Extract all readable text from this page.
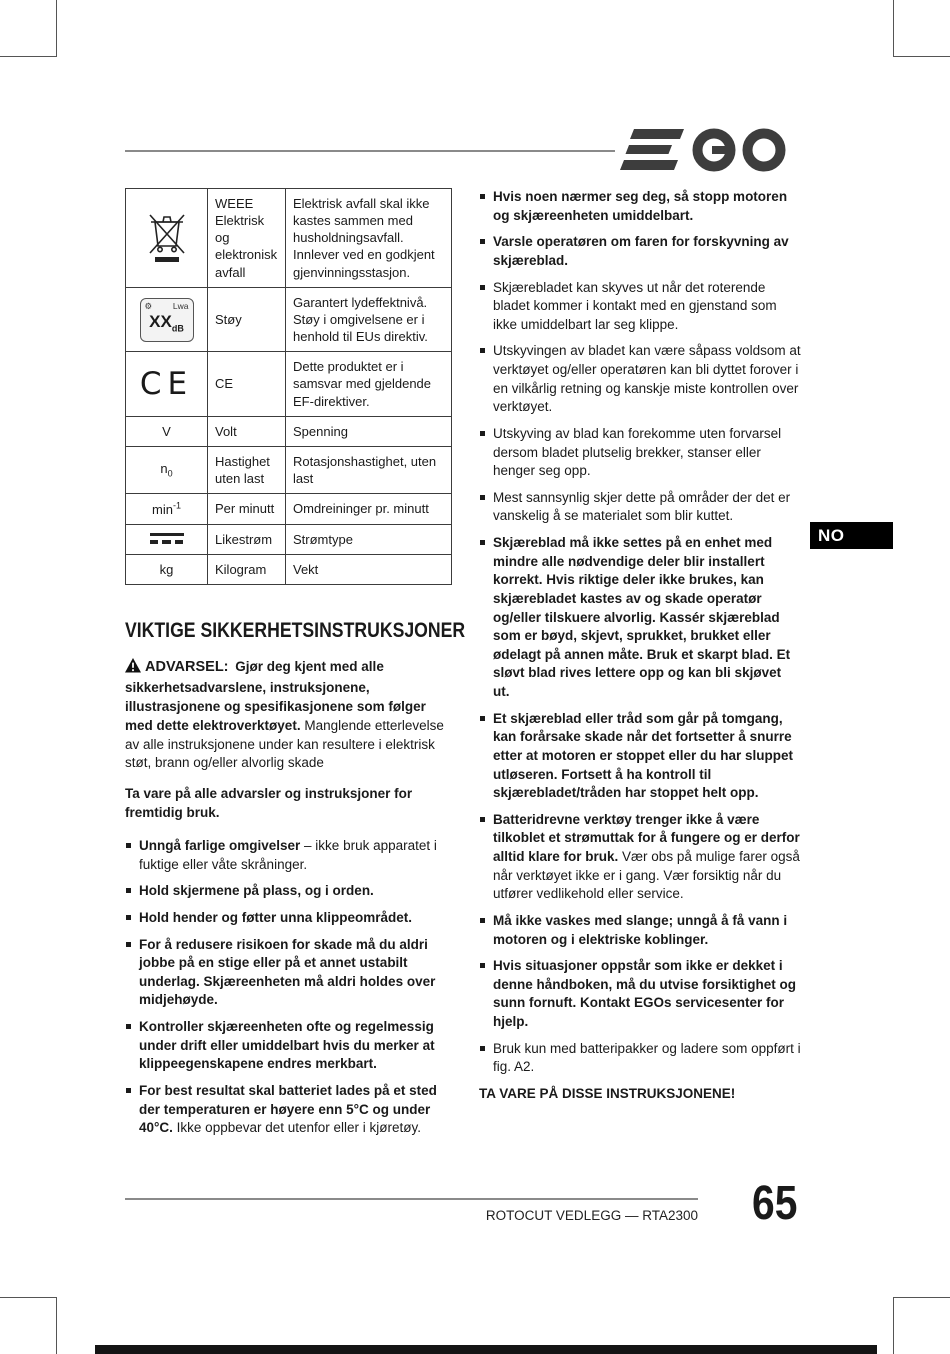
NO
	WEEE Elektrisk og elektronisk avfall	Elektrisk avfall skal ikke kastes sammen med husholdningsavfall. Innlever ved en godkjent gjenvinningsstasjon.

⚙ Lwa
$XX_{dB}$	Støy	Garantert lydeffektnivå. Støy i omgivelsene er i henhold til EUs direktiv.
CE	CE	Dette produktet er i samsvar med gjeldende EF-direktiver.
V	Volt	Spenning
$n_0$	Hastighet uten last	Rotasjonshastighet, uten last
$\min^{-1}$	Per minutt	Omdreininger pr. minutt

	Likestrøm	Strømtype
kg	Kilogram	Vekt
VIKTIGE SIKKERHETSINSTRUKSJONER

ADVARSEL: Gjør deg kjent med alle sikkerhetsadvarslene, instruksjonene, illustrasjonene og spesifikasjonene som følger med dette elektroverktøyet. Manglende etterlevelse av alle instruksjonene under kan resultere i elektrisk støt, brann og/eller alvorlig skade

Ta vare på alle advarsler og instruksjoner for fremtidig bruk.

Unngå farlige omgivelser – ikke bruk apparatet i fuktige eller våte skråninger.
Hold skjermene på plass, og i orden.
Hold hender og føtter unna klippeområdet.
For å redusere risikoen for skade må du aldri jobbe på en stige eller på et annet ustabilt underlag. Skjæreenheten må aldri holdes over midjehøyde.
Kontroller skjæreenheten ofte og regelmessig under drift eller umiddelbart hvis du merker at klippeegenskapene endres merkbart.
For best resultat skal batteriet lades på et sted der temperaturen er høyere enn 5°C og under 40°C. Ikke oppbevar det utenfor eller i kjøretøy.
Hvis noen nærmer seg deg, så stopp motoren og skjæreenheten umiddelbart.
Varsle operatøren om faren for forskyvning av skjæreblad.
Skjærebladet kan skyves ut når det roterende bladet kommer i kontakt med en gjenstand som ikke umiddelbart lar seg klippe.
Utskyvingen av bladet kan være såpass voldsom at verktøyet og/eller operatøren kan bli dyttet forover i en vilkårlig retning og kanskje miste kontrollen over verktøyet.
Utskyving av blad kan forekomme uten forvarsel dersom bladet plutselig brekker, stanser eller henger seg opp.
Mest sannsynlig skjer dette på områder der det er vanskelig å se materialet som blir kuttet.
Skjæreblad må ikke settes på en enhet med mindre alle nødvendige deler blir installert korrekt. Hvis riktige deler ikke brukes, kan skjærebladet kastes av og skade operatør og/eller tilskuere alvorlig. Kassér skjæreblad som er bøyd, skjevt, sprukket, brukket eller ødelagt på annen måte. Bruk et skarpt blad. Et sløvt blad rives lettere opp og kan bli skjøvet ut.
Et skjæreblad eller tråd som går på tomgang, kan forårsake skade når det fortsetter å snurre etter at motoren er stoppet eller du har sluppet utløseren. Fortsett å ha kontroll til skjærebladet/tråden har stoppet helt opp.
Batteridrevne verktøy trenger ikke å være tilkoblet et strømuttak for å fungere og er derfor alltid klare for bruk. Vær obs på mulige farer også når verktøyet ikke er i gang. Vær forsiktig når du utfører vedlikehold eller service.
Må ikke vaskes med slange; unngå å få vann i motoren og i elektriske koblinger.
Hvis situasjoner oppstår som ikke er dekket i denne håndboken, må du utvise forsiktighet og sunn fornuft. Kontakt EGOs servicesenter for hjelp.
Bruk kun med batteripakker og ladere som oppført i fig. A2.

TA VARE PÅ DISSE INSTRUKSJONENE!

ROTOCUT VEDLEGG — RTA2300 65
